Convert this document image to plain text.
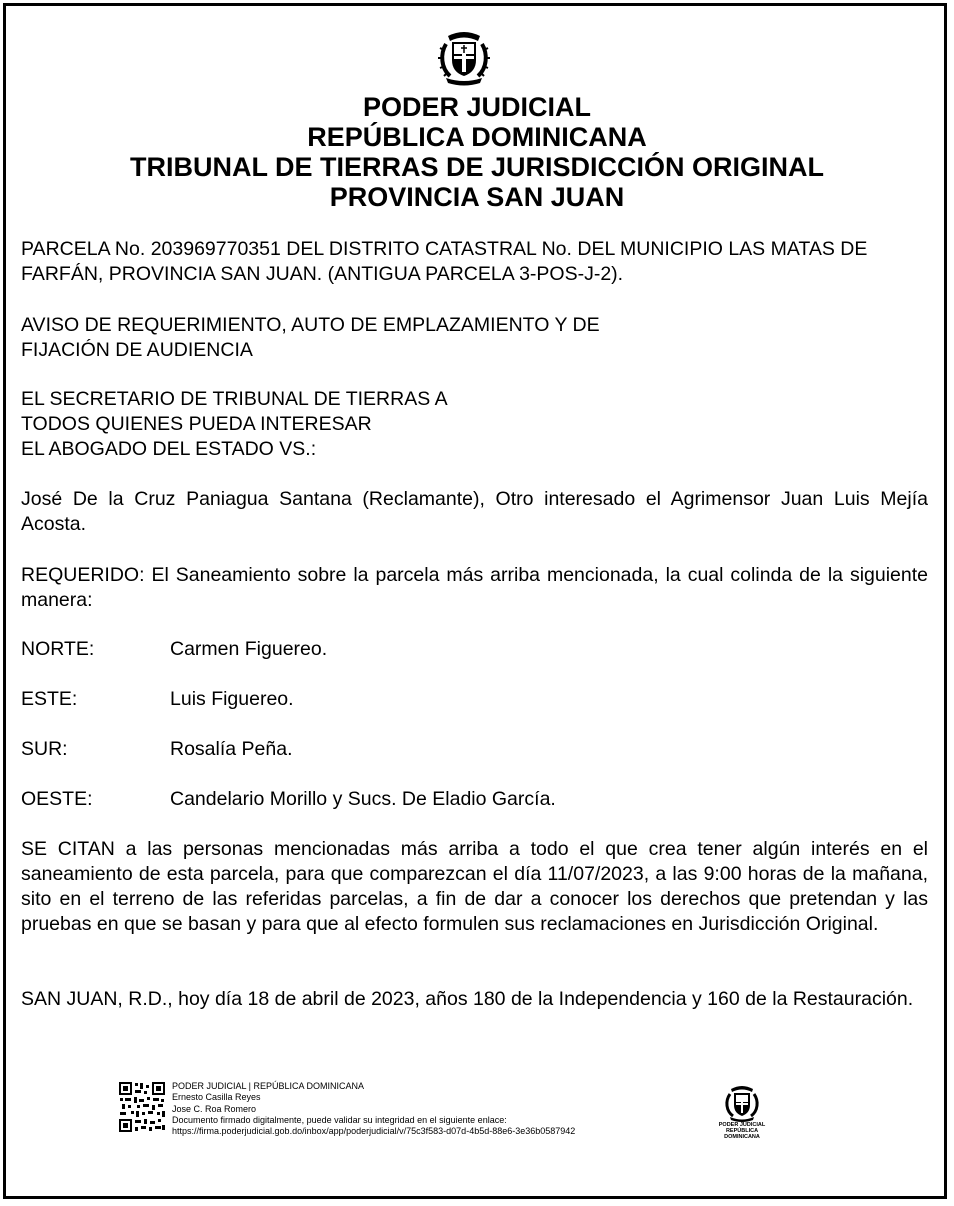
PODER JUDICIAL
REPÚBLICA DOMINICANA
TRIBUNAL DE TIERRAS DE JURISDICCIÓN ORIGINAL
PROVINCIA SAN JUAN
PARCELA No. 203969770351 DEL DISTRITO CATASTRAL No. DEL MUNICIPIO LAS MATAS DE
FARFÁN, PROVINCIA SAN JUAN. (ANTIGUA PARCELA 3-POS-J-2).
AVISO DE REQUERIMIENTO, AUTO DE EMPLAZAMIENTO Y DE
FIJACIÓN DE AUDIENCIA
EL SECRETARIO DE TRIBUNAL DE TIERRAS A
TODOS QUIENES PUEDA INTERESAR
EL ABOGADO DEL ESTADO VS.:
José De la Cruz Paniagua Santana (Reclamante), Otro interesado el Agrimensor Juan Luis Mejía Acosta.
REQUERIDO: El Saneamiento sobre la parcela más arriba mencionada, la cual colinda de la siguiente manera:
NORTE:	Carmen Figuereo.
ESTE:	Luis Figuereo.
SUR:	Rosalía Peña.
OESTE:	Candelario Morillo y Sucs. De Eladio García.
SE CITAN a las personas mencionadas más arriba a todo el que crea tener algún interés en el saneamiento de esta parcela, para que comparezcan el día 11/07/2023, a las 9:00 horas de la mañana, sito en el terreno de las referidas parcelas, a fin de dar a conocer los derechos que pretendan y las pruebas en que se basan y para que al efecto formulen sus reclamaciones en Jurisdicción Original.
SAN JUAN, R.D., hoy día 18 de abril de 2023, años 180 de la Independencia y 160 de la Restauración.
PODER JUDICIAL | REPÚBLICA DOMINICANA
Ernesto Casilla Reyes
Jose C. Roa Romero
Documento firmado digitalmente, puede validar su integridad en el siguiente enlace:
https://firma.poderjudicial.gob.do/inbox/app/poderjudicial/v/75c3f583-d07d-4b5d-88e6-3e36b0587942
PODER JUDICIAL
REPÚBLICA DOMINICANA
